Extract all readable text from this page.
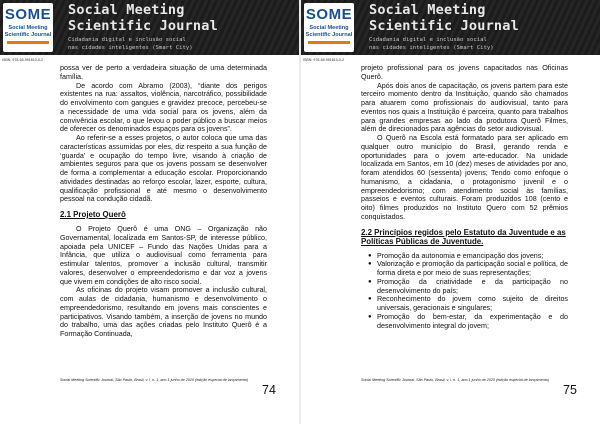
SOME
Social Meeting
Scientific Journal
Social Meeting
Scientific Journal
Cidadania digital e inclusão social
nas cidades inteligentes (Smart City)
ISBN: 978-65-991610-0-2

possa ver de perto a verdadeira situação de uma determinada família.

De acordo com Abramo (2003), “diante dos perigos existentes na rua: assaltos, violência, narcotráfico, possibilidade do envolvimento com gangues e gravidez precoce, percebeu-se a necessidade de uma vida social para os jovens, além da convivência escolar, o que levou o poder público a buscar meios de oferecer os denominados espaços para os jovens”.

Ao referir-se a esses projetos, o autor coloca que uma das características assumidas por eles, diz respeito a sua função de ‘guarda’ e ocupação do tempo livre, visando à criação de ambientes seguros para que os jovens possam se desenvolver de forma a complementar a educação escolar. Proporcionando atividades destinadas ao reforço escolar, lazer, esporte, cultura, qualificação profissional e até mesmo o desenvolvimento pessoal na condução cidadã.

2.1 Projeto Querô

O Projeto Querô é uma ONG – Organização não Governamental, localizada em Santos-SP, de interesse público, apoiada pela UNICEF – Fundo das Nações Unidas para a Infância, que utiliza o audiovisual como ferramenta para estimular talentos, promover a inclusão cultural, transmitir valores, desenvolver o empreendedorismo e dar voz a jovens que vivem em condições de alto risco social.

As oficinas do projeto visam promover a inclusão cultural, com aulas de cidadania, humanismo e desenvolvimento o empreendedorismo, resultando em jovens mais conscientes e participativos. Visando também, a inserção de jovens no mundo do trabalho, uma das ações criadas pelo Instituto Querô é a Formação Continuada,

Social Meeting Scientific Journal, São Paulo, Brasil, v. I, n. 1, ano 1 junho de 2020 (edição especial de lançamento)
74
SOME
Social Meeting
Scientific Journal
Social Meeting
Scientific Journal
Cidadania digital e inclusão social
nas cidades inteligentes (Smart City)
ISBN: 978-65-991610-0-2

projeto profissional para os jovens capacitados nas Oficinas Querô.

Após dois anos de capacitação, os jovens partem para este terceiro momento dentro da Instituição, quando são chamados para atuarem como profissionais do audiovisual, tanto para eventos nos quais a Instituição é parceira, quanto para trabalhos para grandes empresas ao lado da produtora Querô Filmes, além de direcionados para agências do setor audiovisual.

O Querô na Escola está formatado para ser aplicado em qualquer outro município do Brasil, gerando renda e oportunidades para o jovem arte-educador. Na unidade localizada em Santos, em 10 (dez) meses de atividades por ano, foram atendidos 60 (sessenta) jovens; Tendo como enfoque o humanismo, a cidadania, o protagonismo juvenil e o empreendedorismo; com atendimento social às famílias, passeios e eventos culturais. Foram produzidos 108 (cento e oito) filmes produzidos no Instituto Quero com 52 prêmios conquistados.

2.2 Princípios regidos pelo Estatuto da Juventude e as Políticas Públicas de Juventude.
● Promoção da autonomia e emancipação dos jovens;
● Valorização e promoção da participação social e política, de forma direta e por meio de suas representações;
● Promoção da criatividade e da participação no desenvolvimento do país;
● Reconhecimento do jovem como sujeito de direitos universais, geracionais e singulares;
● Promoção do bem-estar, da experimentação e do desenvolvimento integral do jovem;
Social Meeting Scientific Journal, São Paulo, Brasil, v. I, n. 1, ano 1 junho de 2020 (edição especial de lançamento)
75
